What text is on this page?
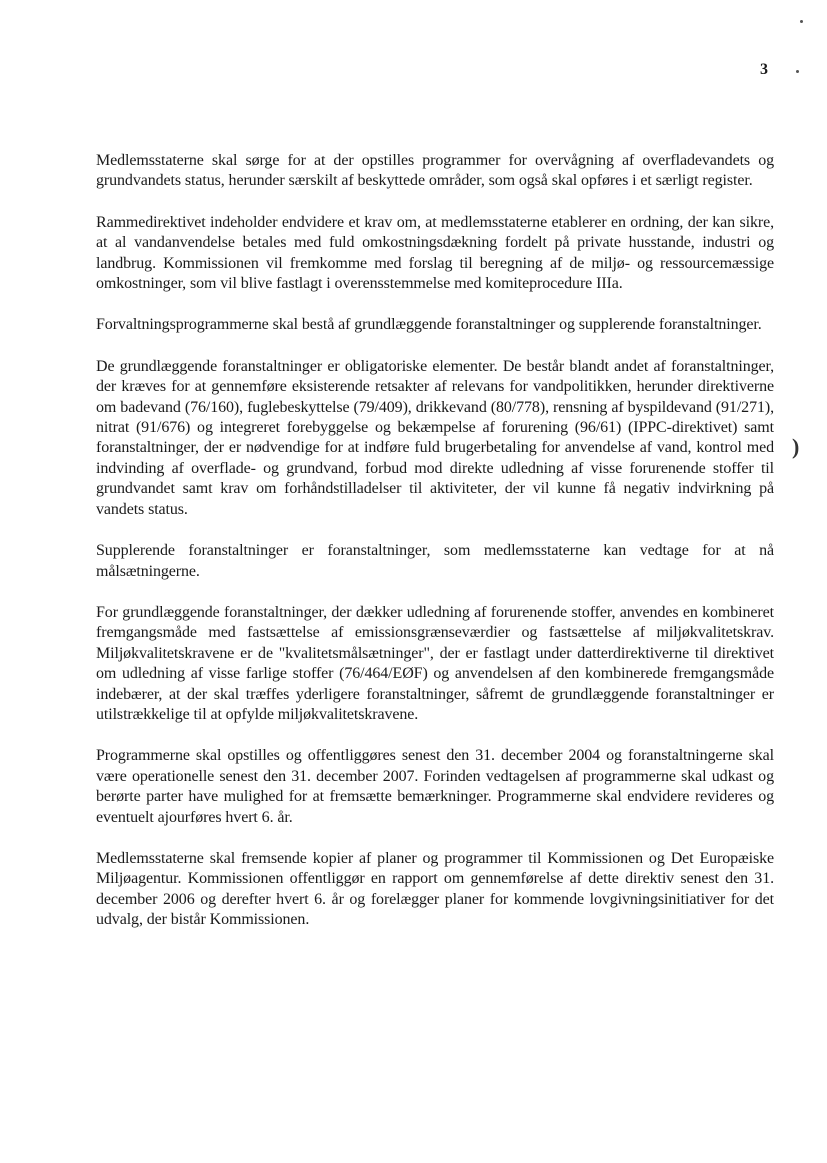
3
)

Medlemsstaterne skal sørge for at der opstilles programmer for overvågning af overfladevandets og grundvandets status, herunder særskilt af beskyttede områder, som også skal opføres i et særligt register.

Rammedirektivet indeholder endvidere et krav om, at medlemsstaterne etablerer en ordning, der kan sikre, at al vandanvendelse betales med fuld omkostningsdækning fordelt på private husstande, industri og landbrug. Kommissionen vil fremkomme med forslag til beregning af de miljø- og ressourcemæssige omkostninger, som vil blive fastlagt i overensstemmelse med komiteprocedure IIIa.

Forvaltningsprogrammerne skal bestå af grundlæggende foranstaltninger og supplerende foranstaltninger.

De grundlæggende foranstaltninger er obligatoriske elementer. De består blandt andet af foranstaltninger, der kræves for at gennemføre eksisterende retsakter af relevans for vandpolitikken, herunder direktiverne om badevand (76/160), fuglebeskyttelse (79/409), drikkevand (80/778), rensning af byspildevand (91/271), nitrat (91/676) og integreret forebyggelse og bekæmpelse af forurening (96/61) (IPPC-direktivet) samt foranstaltninger, der er nødvendige for at indføre fuld brugerbetaling for anvendelse af vand, kontrol med indvinding af overflade- og grundvand, forbud mod direkte udledning af visse forurenende stoffer til grundvandet samt krav om forhåndstilladelser til aktiviteter, der vil kunne få negativ indvirkning på vandets status.

Supplerende foranstaltninger er foranstaltninger, som medlemsstaterne kan vedtage for at nå målsætningerne.

For grundlæggende foranstaltninger, der dækker udledning af forurenende stoffer, anvendes en kombineret fremgangsmåde med fastsættelse af emissionsgrænseværdier og fastsættelse af miljøkvalitetskrav. Miljøkvalitetskravene er de "kvalitetsmålsætninger", der er fastlagt under datterdirektiverne til direktivet om udledning af visse farlige stoffer (76/464/EØF) og anvendelsen af den kombinerede fremgangsmåde indebærer, at der skal træffes yderligere foranstaltninger, såfremt de grundlæggende foranstaltninger er utilstrækkelige til at opfylde miljøkvalitetskravene.

Programmerne skal opstilles og offentliggøres senest den 31. december 2004 og foranstaltningerne skal være operationelle senest den 31. december 2007. Forinden vedtagelsen af programmerne skal udkast og berørte parter have mulighed for at fremsætte bemærkninger. Programmerne skal endvidere revideres og eventuelt ajourføres hvert 6. år.

Medlemsstaterne skal fremsende kopier af planer og programmer til Kommissionen og Det Europæiske Miljøagentur. Kommissionen offentliggør en rapport om gennemførelse af dette direktiv senest den 31. december 2006 og derefter hvert 6. år og forelægger planer for kommende lovgivningsinitiativer for det udvalg, der bistår Kommissionen.
